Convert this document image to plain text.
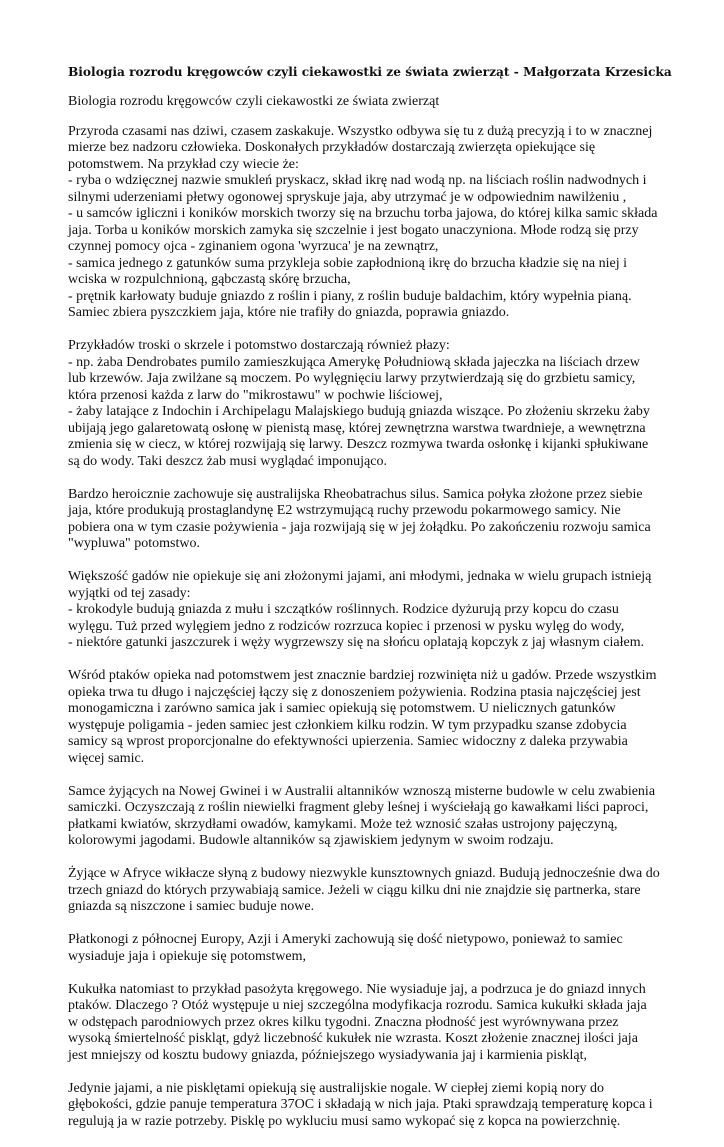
Biologia rozrodu kręgowców czyli ciekawostki ze świata zwierząt - Małgorzata Krzesicka
Biologia rozrodu kręgowców czyli ciekawostki ze świata zwierząt
Przyroda czasami nas dziwi, czasem zaskakuje. Wszystko odbywa się tu z dużą precyzją i to w znacznej mierze bez nadzoru człowieka. Doskonałych przykładów dostarczają zwierzęta opiekujące się potomstwem. Na przykład czy wiecie że:
- ryba o wdzięcznej nazwie smukleń pryskacz, skład ikrę nad wodą np. na liściach roślin nadwodnych i silnymi uderzeniami płetwy ogonowej spryskuje jaja, aby utrzymać je w odpowiednim nawilżeniu ,
- u samców igliczni i koników morskich tworzy się na brzuchu torba jajowa, do której kilka samic składa jaja. Torba u koników morskich zamyka się szczelnie i jest bogato unaczyniona. Młode rodzą się przy czynnej pomocy ojca - zginaniem ogona 'wyrzuca' je na zewnątrz,
- samica jednego z gatunków suma przykleja sobie zapłodnioną ikrę do brzucha kładzie się na niej i wciska w rozpulchnioną, gąbczastą skórę brzucha,
- prętnik karłowaty buduje gniazdo z roślin i piany, z roślin buduje baldachim, który wypełnia pianą. Samiec zbiera pyszczkiem jaja, które nie trafiły do gniazda, poprawia gniazdo.
Przykładów troski o skrzele i potomstwo dostarczają również płazy:
- np. żaba Dendrobates pumilo zamieszkująca Amerykę Południową składa jajeczka na liściach drzew lub krzewów. Jaja zwilżane są moczem. Po wylęgnięciu larwy przytwierdzają się do grzbietu samicy, która przenosi każda z larw do "mikrostawu" w pochwie liściowej,
- żaby latające z Indochin i Archipelagu Malajskiego budują gniazda wiszące. Po złożeniu skrzeku żaby ubijają jego galaretowatą osłonę w pienistą masę, której zewnętrzna warstwa twardnieje, a wewnętrzna zmienia się w ciecz, w której rozwijają się larwy. Deszcz rozmywa twarda osłonkę i kijanki spłukiwane są do wody. Taki deszcz żab musi wyglądać imponująco.
Bardzo heroicznie zachowuje się australijska Rheobatrachus silus. Samica połyka złożone przez siebie jaja, które produkują prostaglandynę E2 wstrzymującą ruchy przewodu pokarmowego samicy. Nie pobiera ona w tym czasie pożywienia - jaja rozwijają się w jej żołądku. Po zakończeniu rozwoju samica "wypluwa" potomstwo.
Większość gadów nie opiekuje się ani złożonymi jajami, ani młodymi, jednaka w wielu grupach istnieją wyjątki od tej zasady:
- krokodyle budują gniazda z mułu i szczątków roślinnych. Rodzice dyżurują przy kopcu do czasu wylęgu. Tuż przed wylęgiem jedno z rodziców rozrzuca kopiec i przenosi w pysku wylęg do wody,
- niektóre gatunki jaszczurek i węży wygrzewszy się na słońcu oplatają kopczyk z jaj własnym ciałem.
Wśród ptaków opieka nad potomstwem jest znacznie bardziej rozwinięta niż u gadów. Przede wszystkim opieka trwa tu długo i najczęściej łączy się z donoszeniem pożywienia. Rodzina ptasia najczęściej jest monogamiczna i zarówno samica jak i samiec opiekują się potomstwem. U nielicznych gatunków występuje poligamia - jeden samiec jest członkiem kilku rodzin. W tym przypadku szanse zdobycia samicy są wprost proporcjonalne do efektywności upierzenia. Samiec widoczny z daleka przywabia więcej samic.
Samce żyjących na Nowej Gwinei i w Australii altanników wznoszą misterne budowle w celu zwabienia samiczki. Oczyszczają z roślin niewielki fragment gleby leśnej i wyściełają go kawałkami liści paproci, płatkami kwiatów, skrzydłami owadów, kamykami. Może też wznosić szałas ustrojony pajęczyną, kolorowymi jagodami. Budowle altanników są zjawiskiem jedynym w swoim rodzaju.
Żyjące w Afryce wikłacze słyną z budowy niezwykle kunsztownych gniazd. Budują jednocześnie dwa do trzech gniazd do których przywabiają samice. Jeżeli w ciągu kilku dni nie znajdzie się partnerka, stare gniazda są niszczone i samiec buduje nowe.
Płatkonogi z północnej Europy, Azji i Ameryki zachowują się dość nietypowo, ponieważ to samiec wysiaduje jaja i opiekuje się potomstwem,
Kukułka natomiast to przykład pasożyta kręgowego. Nie wysiaduje jaj, a podrzuca je do gniazd innych ptaków. Dlaczego ? Otóż występuje u niej szczególna modyfikacja rozrodu. Samica kukułki składa jaja w odstępach parodniowych przez okres kilku tygodni. Znaczna płodność jest wyrównywana przez wysoką śmiertelność piskląt, gdyż liczebność kukułek nie wzrasta. Koszt złożenie znacznej ilości jaja jest mniejszy od kosztu budowy gniazda, późniejszego wysiadywania jaj i karmienia piskląt,
Jedynie jajami, a nie pisklętami opiekują się australijskie nogale. W ciepłej ziemi kopią nory do głębokości, gdzie panuje temperatura 37OC i składają w nich jaja. Ptaki sprawdzają temperaturę kopca i regulują ja w razie potrzeby. Pisklę po wykluciu musi samo wykopać się z kopca na powierzchnię.
